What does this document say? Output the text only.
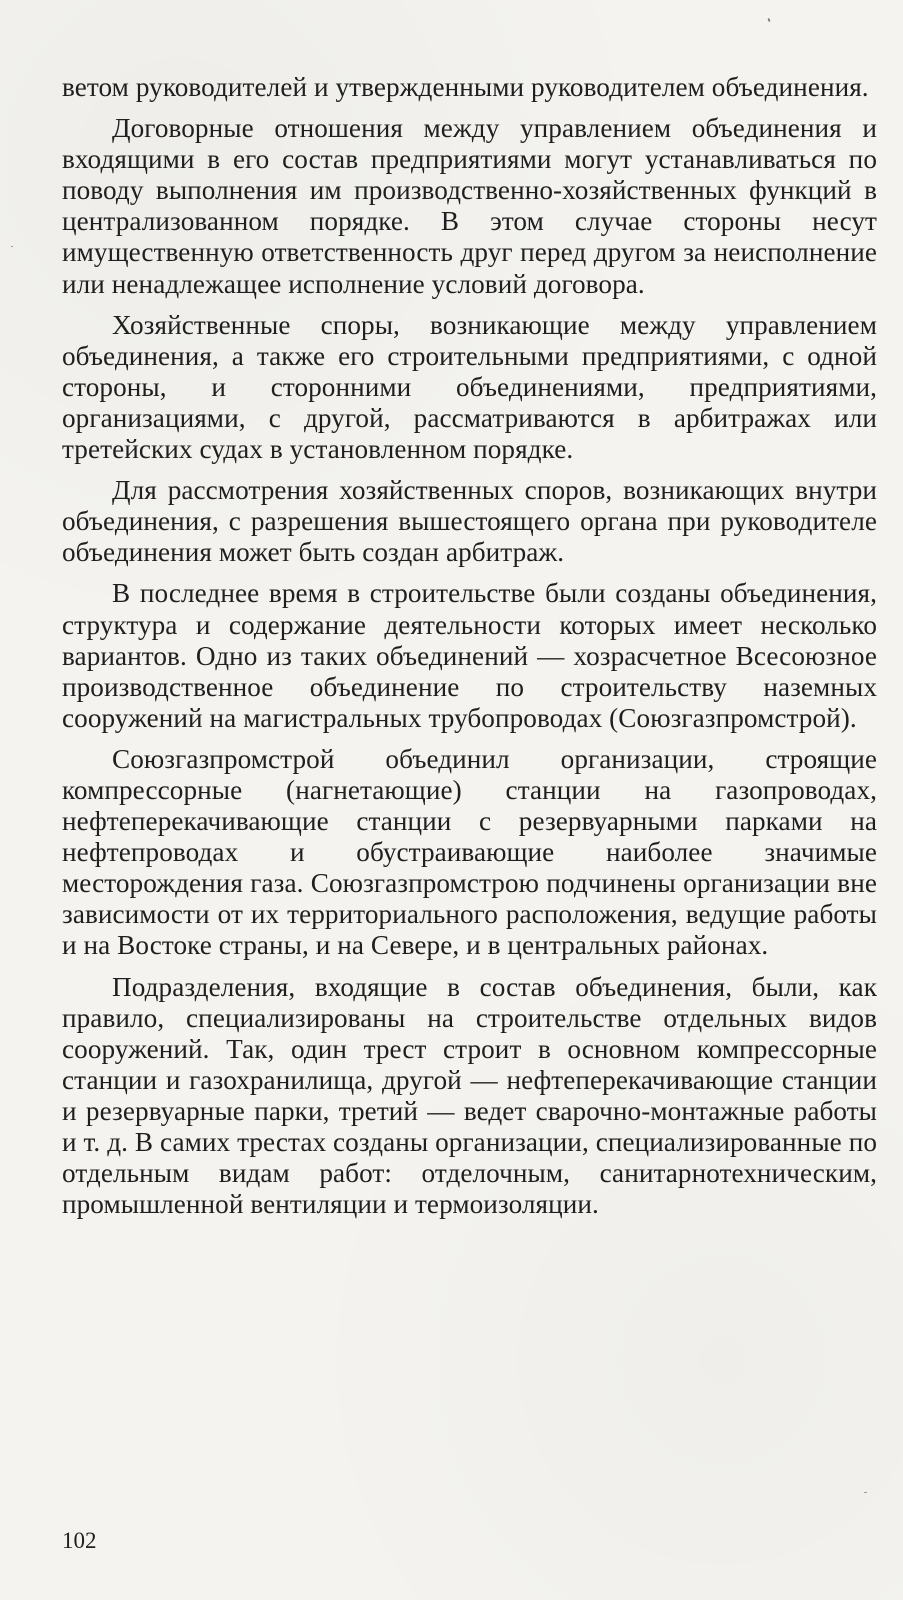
ветом руководителей и утвержденными руководителем объединения.

Договорные отношения между управлением объединения и входящими в его состав предприятиями могут устанавливаться по поводу выполнения им производственно-хозяйственных функций в централизованном порядке. В этом случае стороны несут имущественную ответственность друг перед другом за неисполнение или ненадлежащее исполнение условий договора.

Хозяйственные споры, возникающие между управлением объединения, а также его строительными предприятиями, с одной стороны, и сторонними объединениями, предприятиями, организациями, с другой, рассматриваются в арбитражах или третейских судах в установленном порядке.

Для рассмотрения хозяйственных споров, возникающих внутри объединения, с разрешения вышестоящего органа при руководителе объединения может быть создан арбитраж.

В последнее время в строительстве были созданы объединения, структура и содержание деятельности которых имеет несколько вариантов. Одно из таких объединений — хозрасчетное Всесоюзное производственное объединение по строительству наземных сооружений на магистральных трубопроводах (Союзгазпромстрой).

Союзгазпромстрой объединил организации, строящие компрессорные (нагнетающие) станции на газопроводах, нефтеперекачивающие станции с резервуарными парками на нефтепроводах и обустраивающие наиболее значимые месторождения газа. Союзгазпромстрою подчинены организации вне зависимости от их территориального расположения, ведущие работы и на Востоке страны, и на Севере, и в центральных районах.

Подразделения, входящие в состав объединения, были, как правило, специализированы на строительстве отдельных видов сооружений. Так, один трест строит в основном компрессорные станции и газохранилища, другой — нефтеперекачивающие станции и резервуарные парки, третий — ведет сварочно-монтажные работы и т. д. В самих трестах созданы организации, специализированные по отдельным видам работ: отделочным, санитарнотехническим, промышленной вентиляции и термоизоляции.

102
